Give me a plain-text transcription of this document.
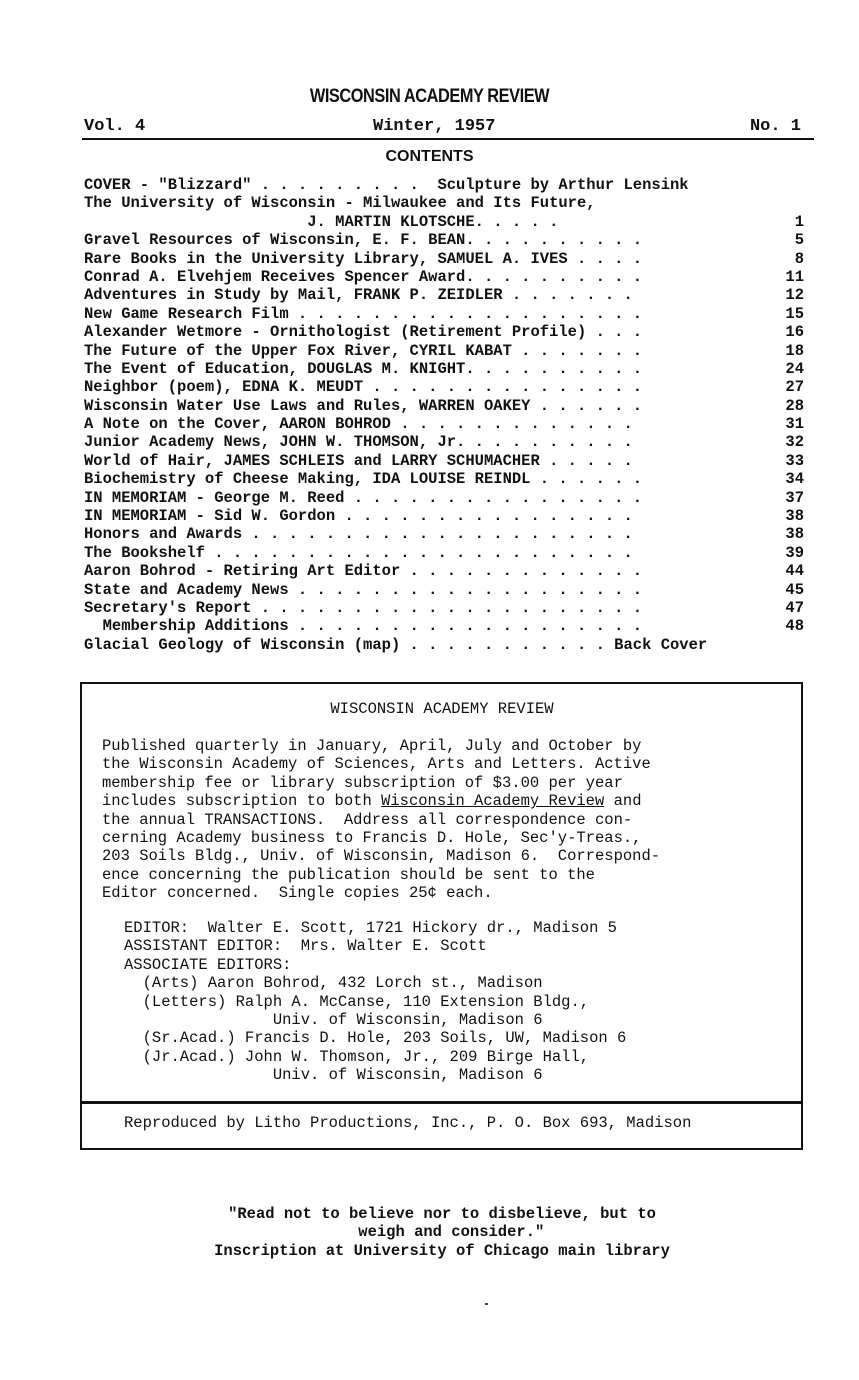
WISCONSIN ACADEMY REVIEW
Vol. 4	Winter, 1957	No. 1
CONTENTS
COVER - "Blizzard" . . . . . . . . .  Sculpture by Arthur Lensink
The University of Wisconsin - Milwaukee and Its Future,
J. MARTIN KLOTSCHE. . . . .	1
Gravel Resources of Wisconsin, E. F. BEAN. . . . . . . . . .	5
Rare Books in the University Library, SAMUEL A. IVES . . . .	8
Conrad A. Elvehjem Receives Spencer Award. . . . . . . . . .	11
Adventures in Study by Mail, FRANK P. ZEIDLER . . . . . . .	12
New Game Research Film . . . . . . . . . . . . . . . . . . .	15
Alexander Wetmore - Ornithologist (Retirement Profile) . . .	16
The Future of the Upper Fox River, CYRIL KABAT . . . . . . .	18
The Event of Education, DOUGLAS M. KNIGHT. . . . . . . . . .	24
Neighbor (poem), EDNA K. MEUDT . . . . . . . . . . . . . . .	27
Wisconsin Water Use Laws and Rules, WARREN OAKEY . . . . . .	28
A Note on the Cover, AARON BOHROD . . . . . . . . . . . . .	31
Junior Academy News, JOHN W. THOMSON, Jr. . . . . . . . . .	32
World of Hair, JAMES SCHLEIS and LARRY SCHUMACHER . . . . .	33
Biochemistry of Cheese Making, IDA LOUISE REINDL . . . . . .	34
IN MEMORIAM - George M. Reed . . . . . . . . . . . . . . . .	37
IN MEMORIAM - Sid W. Gordon . . . . . . . . . . . . . . . .	38
Honors and Awards . . . . . . . . . . . . . . . . . . . . .	38
The Bookshelf . . . . . . . . . . . . . . . . . . . . . . .	39
Aaron Bohrod - Retiring Art Editor . . . . . . . . . . . . .	44
State and Academy News . . . . . . . . . . . . . . . . . . .	45
Secretary's Report . . . . . . . . . . . . . . . . . . . . .	47
Membership Additions . . . . . . . . . . . . . . . . . . .	48
Glacial Geology of Wisconsin (map) . . . . . . . . . . . Back Cover
WISCONSIN ACADEMY REVIEW
Published quarterly in January, April, July and October by
the Wisconsin Academy of Sciences, Arts and Letters. Active
membership fee or library subscription of $3.00 per year
includes subscription to both Wisconsin Academy Review and
the annual TRANSACTIONS.  Address all correspondence con-
cerning Academy business to Francis D. Hole, Sec'y-Treas.,
203 Soils Bldg., Univ. of Wisconsin, Madison 6.  Correspond-
ence concerning the publication should be sent to the
Editor concerned.  Single copies 25¢ each.
EDITOR:  Walter E. Scott, 1721 Hickory dr., Madison 5
ASSISTANT EDITOR:  Mrs. Walter E. Scott
ASSOCIATE EDITORS:
(Arts) Aaron Bohrod, 432 Lorch st., Madison
(Letters) Ralph A. McCanse, 110 Extension Bldg.,
Univ. of Wisconsin, Madison 6
(Sr.Acad.) Francis D. Hole, 203 Soils, UW, Madison 6
(Jr.Acad.) John W. Thomson, Jr., 209 Birge Hall,
Univ. of Wisconsin, Madison 6
Reproduced by Litho Productions, Inc., P. O. Box 693, Madison
"Read not to believe nor to disbelieve, but to
weigh and consider."
Inscription at University of Chicago main library
